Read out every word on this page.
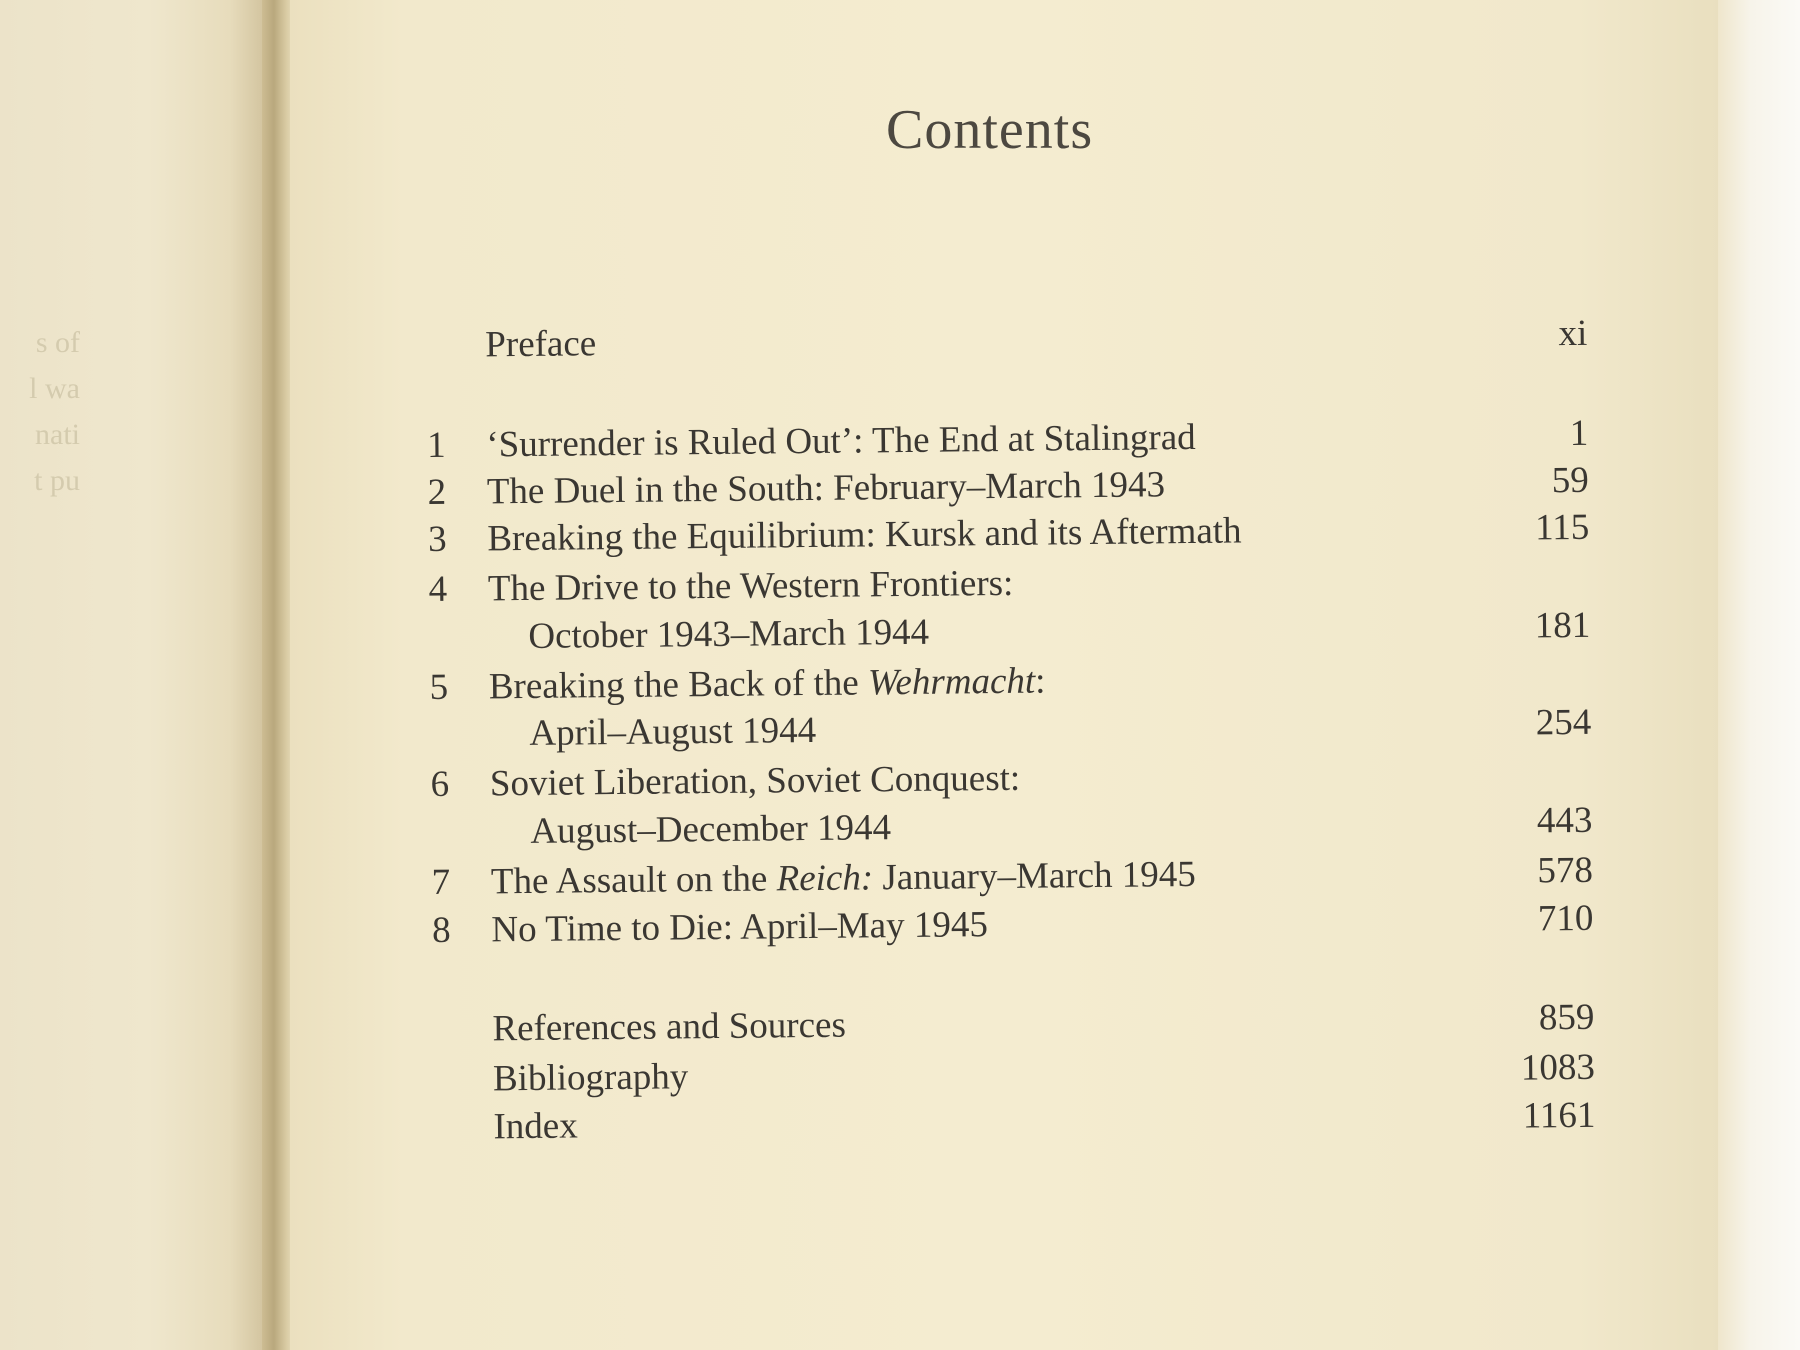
s of
l wa
nati
t pu
Contents
Preface	xi
1 ‘Surrender is Ruled Out’: The End at Stalingrad	1
2 The Duel in the South: February–March 1943	59
3 Breaking the Equilibrium: Kursk and its Aftermath	115
4 The Drive to the Western Frontiers:
October 1943–March 1944	181
5 Breaking the Back of the Wehrmacht:
April–August 1944	254
6 Soviet Liberation, Soviet Conquest:
August–December 1944	443
7 The Assault on the Reich: January–March 1945	578
8 No Time to Die: April–May 1945	710
References and Sources	859
Bibliography	1083
Index	1161
